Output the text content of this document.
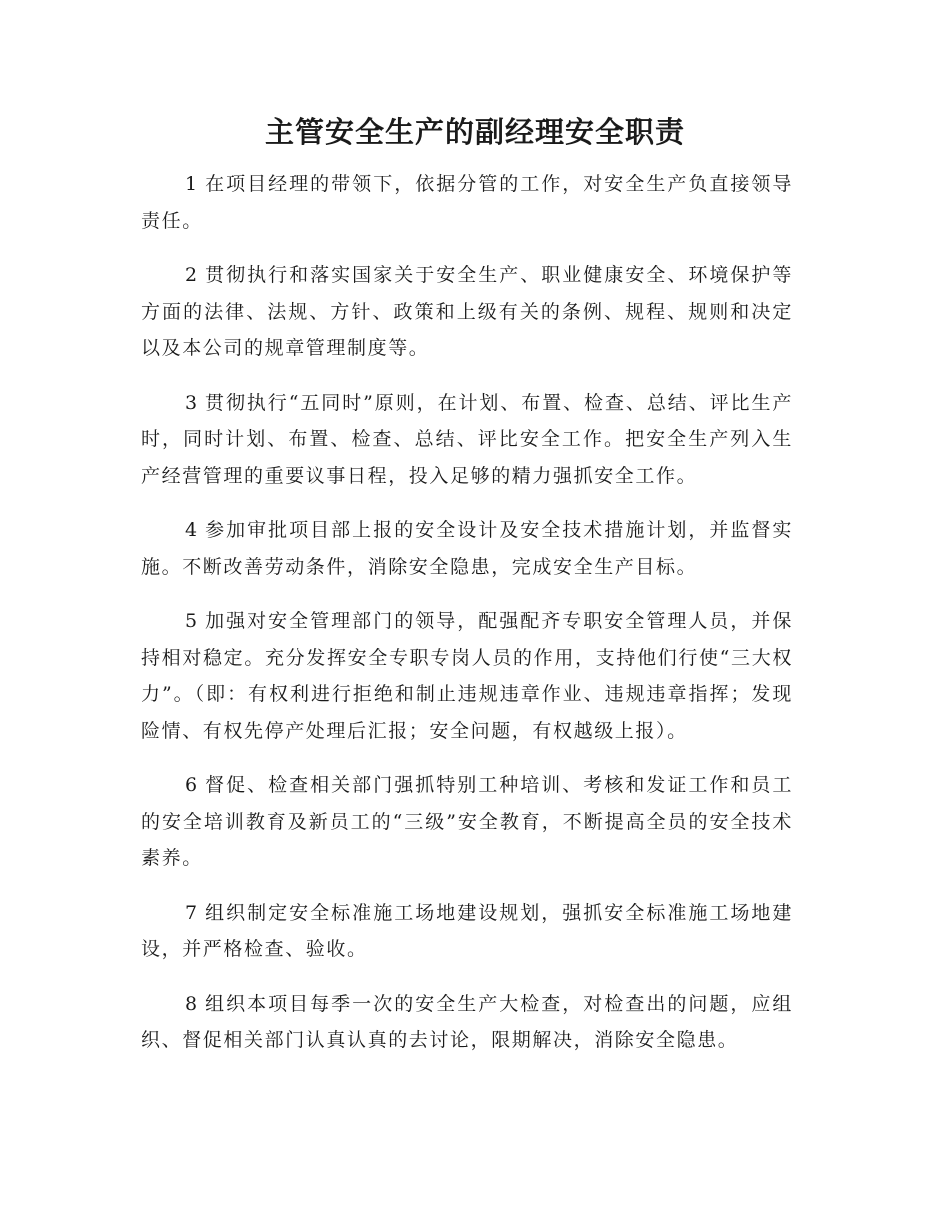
主管安全生产的副经理安全职责

1 在项目经理的带领下，依据分管的工作，对安全生产负直接领导责任。

2 贯彻执行和落实国家关于安全生产、职业健康安全、环境保护等方面的法律、法规、方针、政策和上级有关的条例、规程、规则和决定以及本公司的规章管理制度等。

3 贯彻执行“五同时”原则，在计划、布置、检查、总结、评比生产时，同时计划、布置、检查、总结、评比安全工作。把安全生产列入生产经营管理的重要议事日程，投入足够的精力强抓安全工作。

4 参加审批项目部上报的安全设计及安全技术措施计划，并监督实施。不断改善劳动条件，消除安全隐患，完成安全生产目标。

5 加强对安全管理部门的领导，配强配齐专职安全管理人员，并保持相对稳定。充分发挥安全专职专岗人员的作用，支持他们行使“三大权力”。（即：有权利进行拒绝和制止违规违章作业、违规违章指挥；发现险情、有权先停产处理后汇报；安全问题，有权越级上报）。

6 督促、检查相关部门强抓特别工种培训、考核和发证工作和员工的安全培训教育及新员工的“三级”安全教育，不断提高全员的安全技术素养。

7 组织制定安全标准施工场地建设规划，强抓安全标准施工场地建设，并严格检查、验收。

8 组织本项目每季一次的安全生产大检查，对检查出的问题，应组织、督促相关部门认真认真的去讨论，限期解决，消除安全隐患。
